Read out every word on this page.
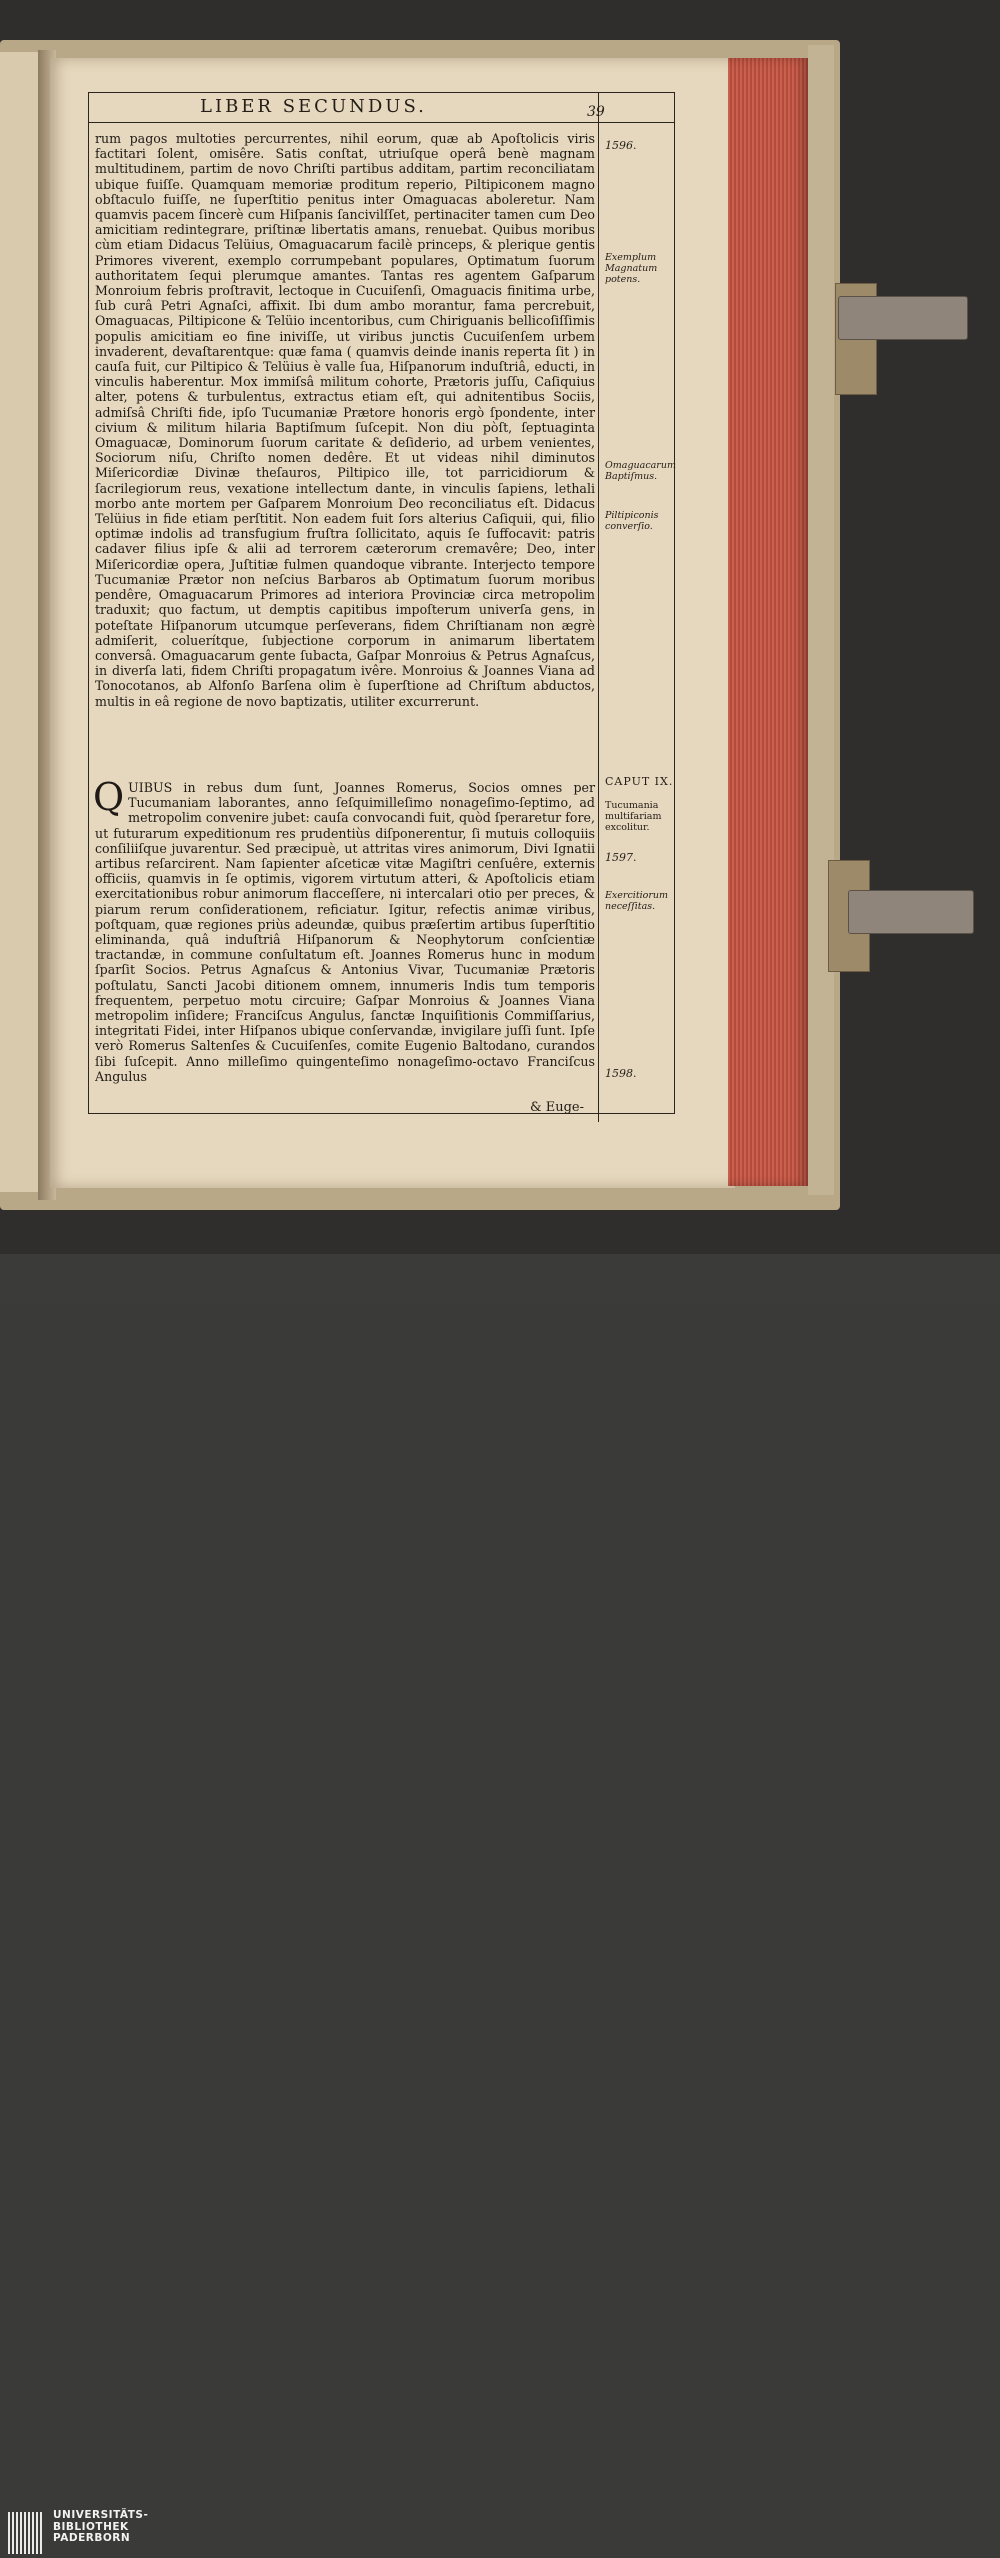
LIBER SECUNDUS.	39
rum pagos multoties percurrentes, nihil eorum, quæ ab Apoſtolicis viris factitari ſolent, omisêre. Satis conſtat, utriuſque operâ benè magnam multitudinem, partim de novo Chriſti partibus additam, partim reconciliatam ubique fuiſſe. Quamquam memoriæ proditum reperio, Piltipiconem magno obſtaculo fuiſſe, ne ſuperſtitio penitus inter Omaguacas aboleretur. Nam quamvis pacem ſincerè cum Hiſpanis ſancivilſſet, pertinaciter tamen cum Deo amicitiam redintegrare, priſtinæ libertatis amans, renuebat. Quibus moribus cùm etiam Didacus Telüius, Omaguacarum facilè princeps, & plerique gentis Primores viverent, exemplo corrumpebant populares, Optimatum ſuorum authoritatem ſequi plerumque amantes. Tantas res agentem Gaſparum Monroium febris proſtravit, lectoque in Cucuiſenſi, Omaguacis finitima urbe, ſub curâ Petri Agnaſci, affixit. Ibi dum ambo morantur, fama percrebuit, Omaguacas, Piltipicone & Telüio incentoribus, cum Chiriguanis bellicoſiſſimis populis amicitiam eo fine iniviſſe, ut viribus junctis Cucuiſenſem urbem invaderent, devaſtarentque: quæ fama ( quamvis deinde inanis reperta ſit ) in cauſa fuit, cur Piltipico & Telüius è valle ſua, Hiſpanorum induſtriâ, educti, in vinculis haberentur. Mox immiſsâ militum cohorte, Prætoris juſſu, Caſiquius alter, potens & turbulentus, extractus etiam eſt, qui adnitentibus Sociis, admiſsâ Chriſti fide, ipſo Tucumaniæ Prætore honoris ergò ſpondente, inter civium & militum hilaria Baptiſmum ſuſcepit. Non diu pòſt, ſeptuaginta Omaguacæ, Dominorum ſuorum caritate & deſiderio, ad urbem venientes, Sociorum niſu, Chriſto nomen dedêre. Et ut videas nihil diminutos Miſericordiæ Divinæ theſauros, Piltipico ille, tot parricidiorum & ſacrilegiorum reus, vexatione intellectum dante, in vinculis ſapiens, lethali morbo ante mortem per Gaſparem Monroium Deo reconciliatus eſt. Didacus Telüius in fide etiam perſtitit. Non eadem fuit ſors alterius Caſiquii, qui, filio optimæ indolis ad transfugium fruſtra ſollicitato, aquis ſe ſuffocavit: patris cadaver filius ipſe & alii ad terrorem cæterorum cremavêre; Deo, inter Miſericordiæ opera, Juſtitiæ fulmen quandoque vibrante. Interjecto tempore Tucumaniæ Prætor non neſcius Barbaros ab Optimatum ſuorum moribus pendêre, Omaguacarum Primores ad interiora Provinciæ circa metropolim traduxit; quo factum, ut demptis capitibus impoſterum univerſa gens, in poteſtate Hiſpanorum utcumque perſeverans, fidem Chriſtianam non ægrè admiſerit, coluerítque, ſubjectione corporum in animarum libertatem conversâ. Omaguacarum gente ſubacta, Gaſpar Monroius & Petrus Agnaſcus, in diverſa lati, fidem Chriſti propagatum ivêre. Monroius & Joannes Viana ad Tonocotanos, ab Alfonſo Barſena olim è ſuperſtione ad Chriſtum abductos, multis in eâ regione de novo baptizatis, utiliter excurrerunt.
Q UIBUS in rebus dum ſunt, Joannes Romerus, Socios omnes per Tucumaniam laborantes, anno ſeſquimilleſimo nonageſimo-ſeptimo, ad metropolim convenire jubet: cauſa convocandi fuit, quòd ſperaretur fore, ut futurarum expeditionum res prudentiùs diſponerentur, ſi mutuis colloquiis conſiliiſque juvarentur. Sed præcipuè, ut attritas vires animorum, Divi Ignatii artibus reſarcirent. Nam ſapienter aſceticæ vitæ Magiſtri cenſuêre, externis officiis, quamvis in ſe optimis, vigorem virtutum atteri, & Apoſtolicis etiam exercitationibus robur animorum flacceſſere, ni intercalari otio per preces, & piarum rerum conſiderationem, reficiatur. Igitur, refectis animæ viribus, poſtquam, quæ regiones priùs adeundæ, quibus præſertim artibus ſuperſtitio eliminanda, quâ induſtriâ Hiſpanorum & Neophytorum conſcientiæ tractandæ, in commune conſultatum eſt. Joannes Romerus hunc in modum ſparſit Socios. Petrus Agnaſcus & Antonius Vivar, Tucumaniæ Prætoris poſtulatu, Sancti Jacobi ditionem omnem, innumeris Indis tum temporis frequentem, perpetuo motu circuire; Gaſpar Monroius & Joannes Viana metropolim inſidere; Franciſcus Angulus, ſanctæ Inquiſitionis Commiſſarius, integritati Fidei, inter Hiſpanos ubique conſervandæ, invigilare juſſi ſunt. Ipſe verò Romerus Saltenſes & Cucuiſenſes, comite Eugenio Baltodano, curandos ſibi ſuſcepit. Anno milleſimo quingenteſimo nonageſimo-octavo Franciſcus Angulus
& Euge-
1596.
Exemplum Magnatum potens.
Omaguacarum Baptiſmus.
Piltipiconis converſio.
CAPUT IX.
Tucumania multifariam excolitur.
1597.
Exercitiorum neceſſitas.
1598.
UNIVERSITÄTS-
BIBLIOTHEK
PADERBORN
